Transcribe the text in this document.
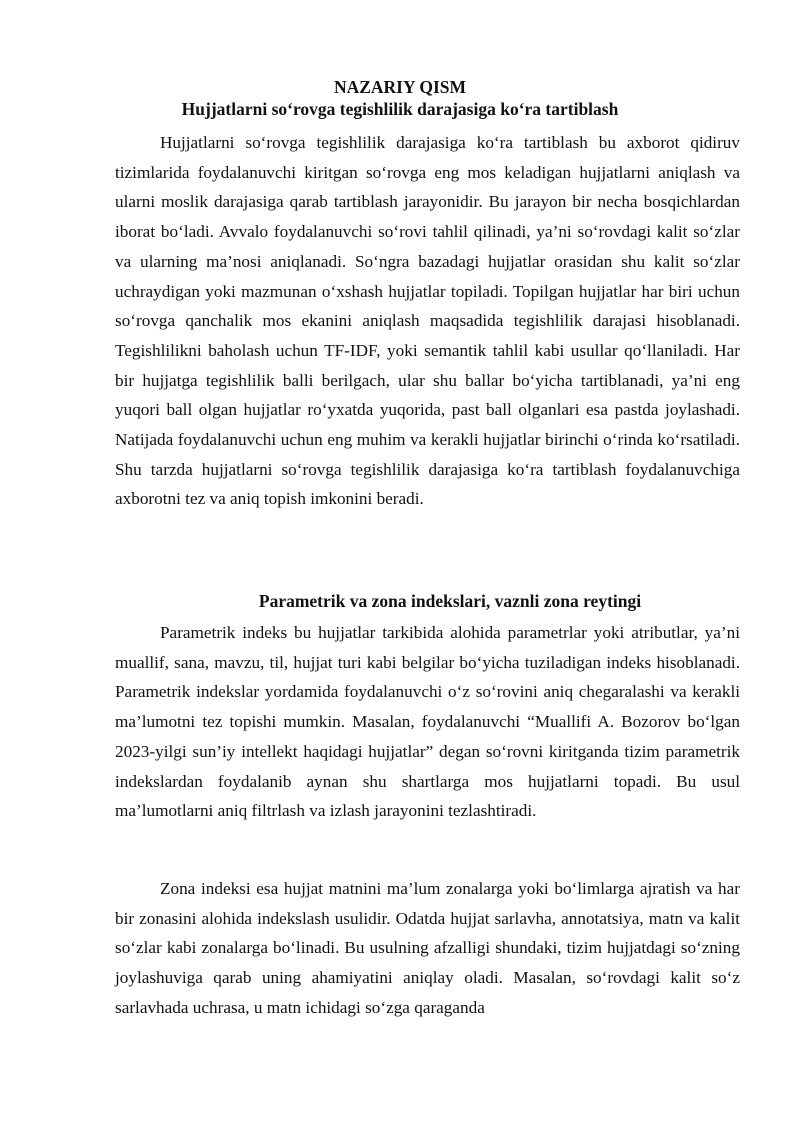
NAZARIY QISM
Hujjatlarni so‘rovga tegishlilik darajasiga ko‘ra tartiblash

Hujjatlarni so‘rovga tegishlilik darajasiga ko‘ra tartiblash bu axborot qidiruv tizimlarida foydalanuvchi kiritgan so‘rovga eng mos keladigan hujjatlarni aniqlash va ularni moslik darajasiga qarab tartiblash jarayonidir. Bu jarayon bir necha bosqichlardan iborat bo‘ladi. Avvalo foydalanuvchi so‘rovi tahlil qilinadi, ya’ni so‘rovdagi kalit so‘zlar va ularning ma’nosi aniqlanadi. So‘ngra bazadagi hujjatlar orasidan shu kalit so‘zlar uchraydigan yoki mazmunan o‘xshash hujjatlar topiladi. Topilgan hujjatlar har biri uchun so‘rovga qanchalik mos ekanini aniqlash maqsadida tegishlilik darajasi hisoblanadi. Tegishlilikni baholash uchun TF-IDF, yoki semantik tahlil kabi usullar qo‘llaniladi. Har bir hujjatga tegishlilik balli berilgach, ular shu ballar bo‘yicha tartiblanadi, ya’ni eng yuqori ball olgan hujjatlar ro‘yxatda yuqorida, past ball olganlari esa pastda joylashadi. Natijada foydalanuvchi uchun eng muhim va kerakli hujjatlar birinchi o‘rinda ko‘rsatiladi. Shu tarzda hujjatlarni so‘rovga tegishlilik darajasiga ko‘ra tartiblash foydalanuvchiga axborotni tez va aniq topish imkonini beradi.

Parametrik va zona indekslari, vaznli zona reytingi

Parametrik indeks bu hujjatlar tarkibida alohida parametrlar yoki atributlar, ya’ni muallif, sana, mavzu, til, hujjat turi kabi belgilar bo‘yicha tuziladigan indeks hisoblanadi. Parametrik indekslar yordamida foydalanuvchi o‘z so‘rovini aniq chegaralashi va kerakli ma’lumotni tez topishi mumkin. Masalan, foydalanuvchi “Muallifi A. Bozorov bo‘lgan 2023-yilgi sun’iy intellekt haqidagi hujjatlar” degan so‘rovni kiritganda tizim parametrik indekslardan foydalanib aynan shu shartlarga mos hujjatlarni topadi. Bu usul ma’lumotlarni aniq filtrlash va izlash jarayonini tezlashtiradi.

Zona indeksi esa hujjat matnini ma’lum zonalarga yoki bo‘limlarga ajratish va har bir zonasini alohida indekslash usulidir. Odatda hujjat sarlavha, annotatsiya, matn va kalit so‘zlar kabi zonalarga bo‘linadi. Bu usulning afzalligi shundaki, tizim hujjatdagi so‘zning joylashuviga qarab uning ahamiyatini aniqlay oladi. Masalan, so‘rovdagi kalit so‘z sarlavhada uchrasa, u matn ichidagi so‘zga qaraganda
